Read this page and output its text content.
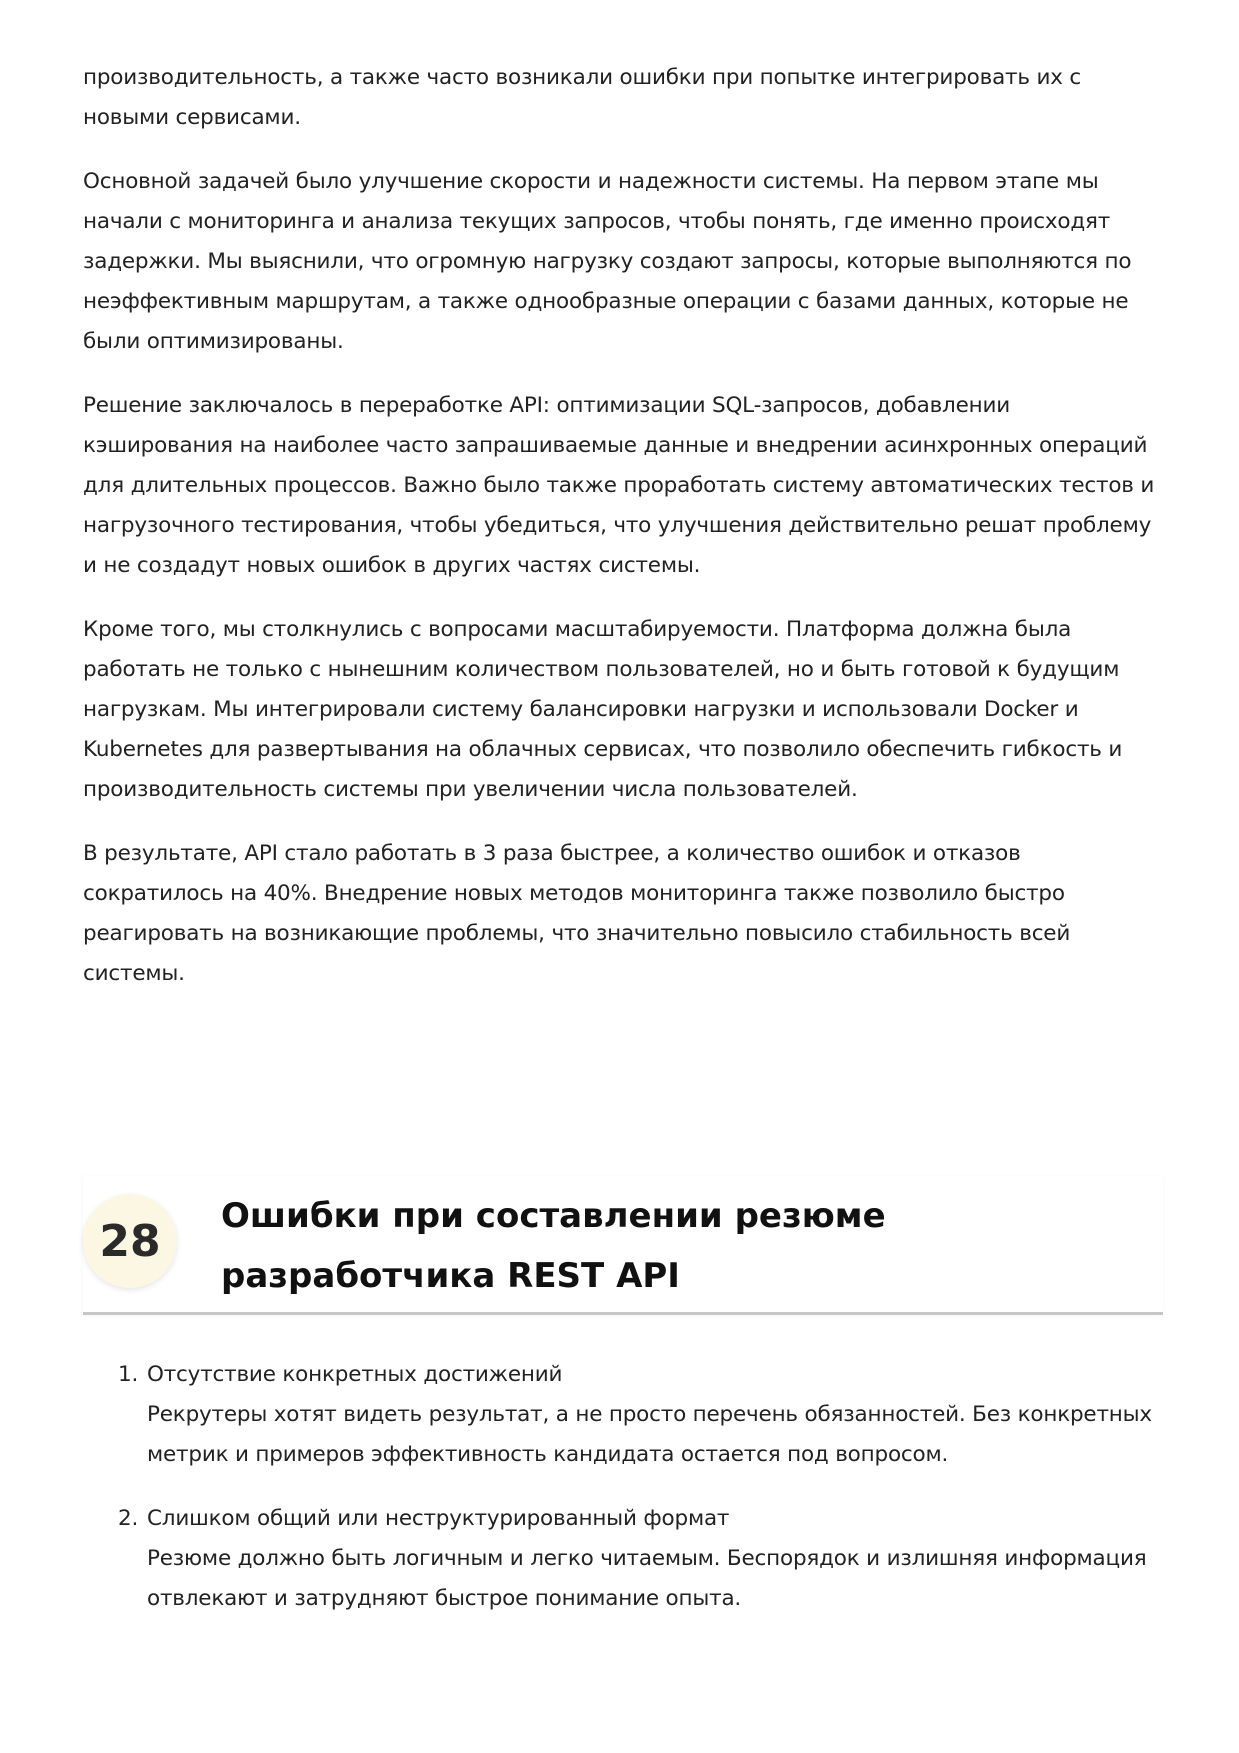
производительность, а также часто возникали ошибки при попытке интегрировать их с новыми сервисами.

Основной задачей было улучшение скорости и надежности системы. На первом этапе мы начали с мониторинга и анализа текущих запросов, чтобы понять, где именно происходят задержки. Мы выяснили, что огромную нагрузку создают запросы, которые выполняются по неэффективным маршрутам, а также однообразные операции с базами данных, которые не были оптимизированы.

Решение заключалось в переработке API: оптимизации SQL-запросов, добавлении кэширования на наиболее часто запрашиваемые данные и внедрении асинхронных операций для длительных процессов. Важно было также проработать систему автоматических тестов и нагрузочного тестирования, чтобы убедиться, что улучшения действительно решат проблему и не создадут новых ошибок в других частях системы.

Кроме того, мы столкнулись с вопросами масштабируемости. Платформа должна была работать не только с нынешним количеством пользователей, но и быть готовой к будущим нагрузкам. Мы интегрировали систему балансировки нагрузки и использовали Docker и Kubernetes для развертывания на облачных сервисах, что позволило обеспечить гибкость и производительность системы при увеличении числа пользователей.

В результате, API стало работать в 3 раза быстрее, а количество ошибок и отказов сократилось на 40%. Внедрение новых методов мониторинга также позволило быстро реагировать на возникающие проблемы, что значительно повысило стабильность всей системы.

28	Ошибки при составлении резюме разработчика REST API
1. Отсутствие конкретных достижений
Рекрутеры хотят видеть результат, а не просто перечень обязанностей. Без конкретных метрик и примеров эффективность кандидата остается под вопросом.
2. Слишком общий или неструктурированный формат
Резюме должно быть логичным и легко читаемым. Беспорядок и излишняя информация отвлекают и затрудняют быстрое понимание опыта.
